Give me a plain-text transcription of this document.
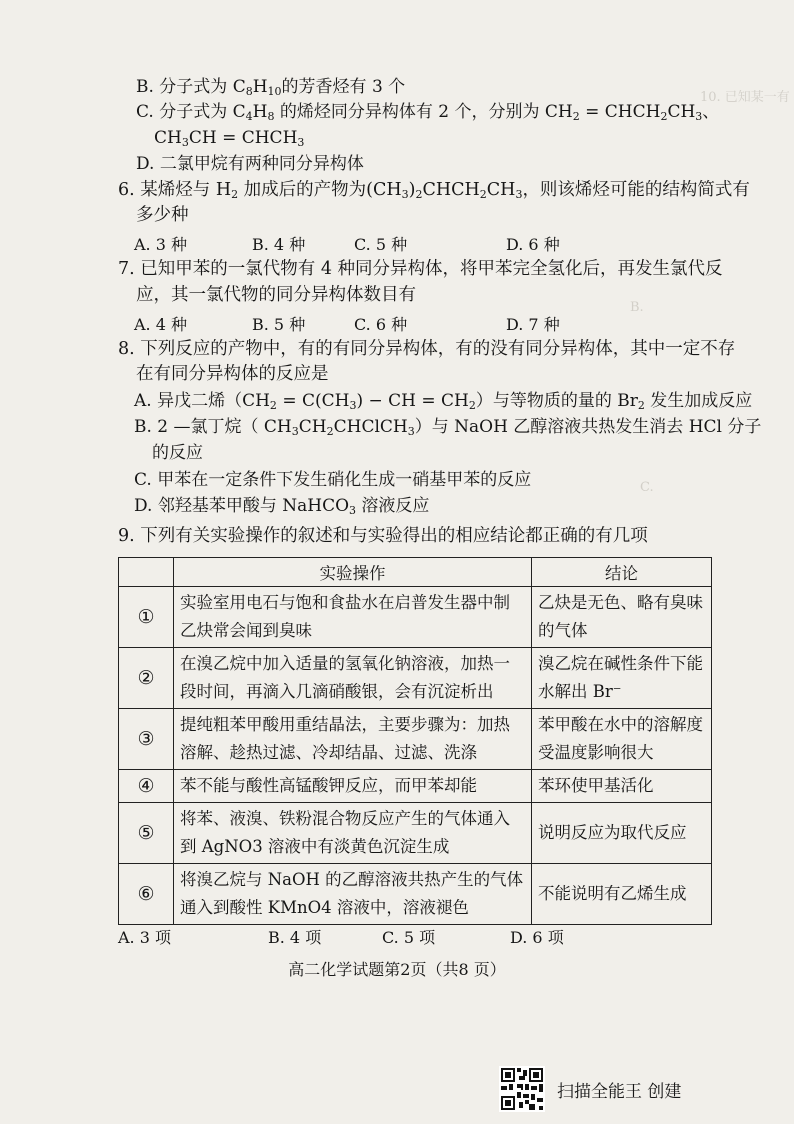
10. 已知某一有
B.
C.
B. 分子式为 $C_8H_{10}$的芳香烃有 3 个
C. 分子式为 $C_4H_8$ 的烯烃同分异构体有 2 个，分别为 $CH_2$ = $CHCH_2CH_3$、
$CH_3CH$ = $CHCH_3$
D. 二氯甲烷有两种同分异构体
6. 某烯烃与 $H_2$ 加成后的产物为$(CH_3)_2CHCH_2CH_3$，则该烯烃可能的结构简式有
多少种
A. 3 种	B. 4 种	C. 5 种	D. 6 种
7. 已知甲苯的一氯代物有 4 种同分异构体，将甲苯完全氢化后，再发生氯代反
应，其一氯代物的同分异构体数目有
A. 4 种	B. 5 种	C. 6 种	D. 7 种
8. 下列反应的产物中，有的有同分异构体，有的没有同分异构体，其中一定不存
在有同分异构体的反应是
A. 异戊二烯（$CH_2 = C(CH_3)$ − CH = $CH_2$）与等物质的量的 $Br_2$ 发生加成反应
B. 2 —氯丁烷（ $CH_3CH_2CHClCH_3$）与 NaOH 乙醇溶液共热发生消去 HCl 分子
的反应
C. 甲苯在一定条件下发生硝化生成一硝基甲苯的反应
D. 邻羟基苯甲酸与 NaHCO$_3$ 溶液反应
9. 下列有关实验操作的叙述和与实验得出的相应结论都正确的有几项
	实验操作	结论
①	实验室用电石与饱和食盐水在启普发生器中制乙炔常会闻到臭味	乙炔是无色、略有臭味的气体
②	在溴乙烷中加入适量的氢氧化钠溶液，加热一段时间，再滴入几滴硝酸银，会有沉淀析出	溴乙烷在碱性条件下能水解出 Br⁻
③	提纯粗苯甲酸用重结晶法，主要步骤为：加热溶解、趁热过滤、冷却结晶、过滤、洗涤	苯甲酸在水中的溶解度受温度影响很大
④	苯不能与酸性高锰酸钾反应，而甲苯却能	苯环使甲基活化
⑤	将苯、液溴、铁粉混合物反应产生的气体通入到 AgNO3 溶液中有淡黄色沉淀生成	说明反应为取代反应
⑥	将溴乙烷与 NaOH 的乙醇溶液共热产生的气体通入到酸性 KMnO4 溶液中，溶液褪色	不能说明有乙烯生成
A. 3 项	B. 4 项	C. 5 项	D. 6 项
高二化学试题第2页（共8 页）
扫描全能王 创建
